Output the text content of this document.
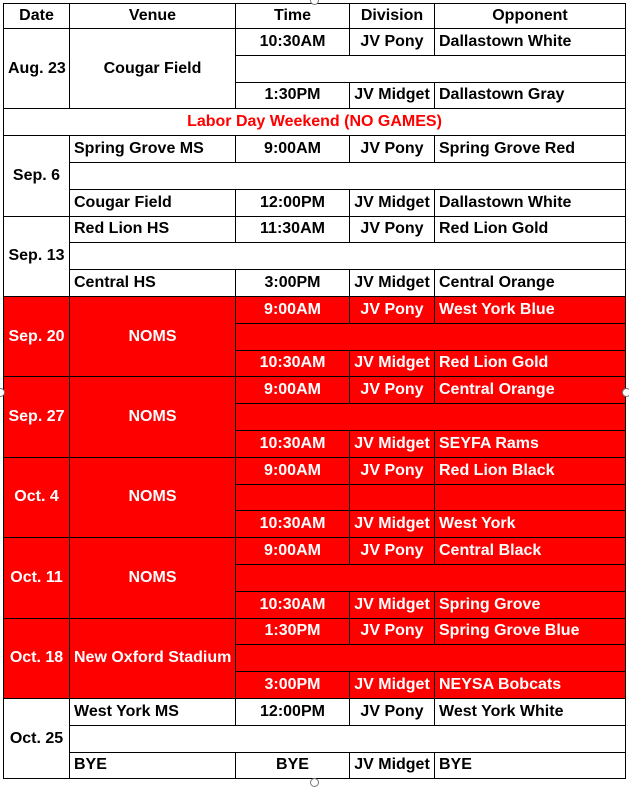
Date	Venue	Time	Division	Opponent
Aug. 23	Cougar Field	10:30AM	JV Pony	Dallastown White

		1:30PM	JV Midget	Dallastown Gray
Labor Day Weekend (NO GAMES)				
Sep. 6	Spring Grove MS	9:00AM	JV Pony	Spring Grove Red

	Cougar Field	12:00PM	JV Midget	Dallastown White
Sep. 13	Red Lion HS	11:30AM	JV Pony	Red Lion Gold

	Central HS	3:00PM	JV Midget	Central Orange
Sep. 20	NOMS	9:00AM	JV Pony	West York Blue

		10:30AM	JV Midget	Red Lion Gold
Sep. 27	NOMS	9:00AM	JV Pony	Central Orange

		10:30AM	JV Midget	SEYFA Rams
Oct. 4	NOMS	9:00AM	JV Pony	Red Lion Black

		10:30AM	JV Midget	West York
Oct. 11	NOMS	9:00AM	JV Pony	Central Black

		10:30AM	JV Midget	Spring Grove
Oct. 18	New Oxford Stadium	1:30PM	JV Pony	Spring Grove Blue

		3:00PM	JV Midget	NEYSA Bobcats
Oct. 25	West York MS	12:00PM	JV Pony	West York White

	BYE	BYE	JV Midget	BYE
